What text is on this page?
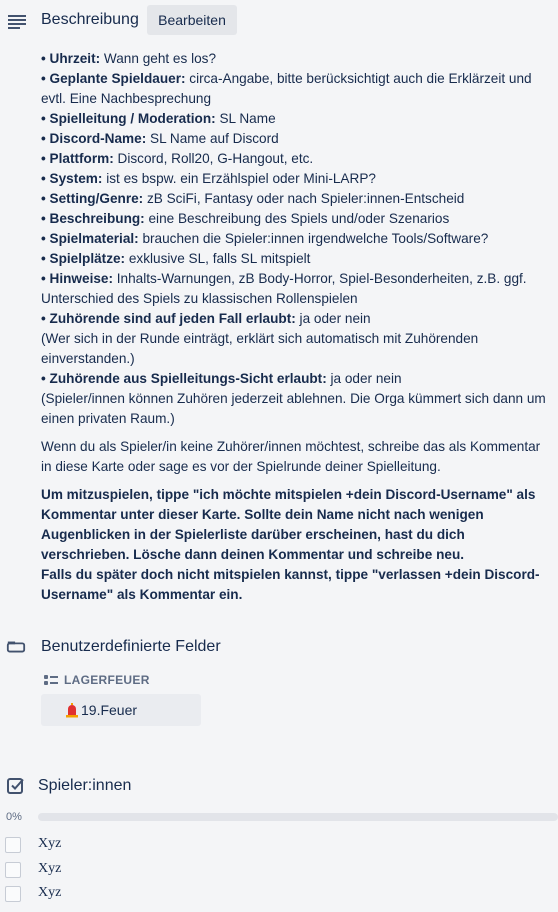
Beschreibung	Bearbeiten
• Uhrzeit: Wann geht es los?
• Geplante Spieldauer: circa-Angabe, bitte berücksichtigt auch die Erklärzeit und evtl. Eine Nachbesprechung
• Spielleitung / Moderation: SL Name
• Discord-Name: SL Name auf Discord
• Plattform: Discord, Roll20, G-Hangout, etc.
• System: ist es bspw. ein Erzählspiel oder Mini-LARP?
• Setting/Genre: zB SciFi, Fantasy oder nach Spieler:innen-Entscheid
• Beschreibung: eine Beschreibung des Spiels und/oder Szenarios
• Spielmaterial: brauchen die Spieler:innen irgendwelche Tools/Software?
• Spielplätze: exklusive SL, falls SL mitspielt
• Hinweise: Inhalts-Warnungen, zB Body-Horror, Spiel-Besonderheiten, z.B. ggf. Unterschied des Spiels zu klassischen Rollenspielen
• Zuhörende sind auf jeden Fall erlaubt: ja oder nein
(Wer sich in der Runde einträgt, erklärt sich automatisch mit Zuhörenden einverstanden.)
• Zuhörende aus Spielleitungs-Sicht erlaubt: ja oder nein
(Spieler/innen können Zuhören jederzeit ablehnen. Die Orga kümmert sich dann um einen privaten Raum.)

Wenn du als Spieler/in keine Zuhörer/innen möchtest, schreibe das als Kommentar in diese Karte oder sage es vor der Spielrunde deiner Spielleitung.

Um mitzuspielen, tippe "ich möchte mitspielen +dein Discord-Username" als Kommentar unter dieser Karte. Sollte dein Name nicht nach wenigen Augenblicken in der Spielerliste darüber erscheinen, hast du dich verschrieben. Lösche dann deinen Kommentar und schreibe neu.

Falls du später doch nicht mitspielen kannst, tippe "verlassen +dein Discord-Username" als Kommentar ein.

Benutzerdefinierte Felder
LAGERFEUER
19.Feuer
Spieler:innen
0%
Xyz
Xyz
Xyz
